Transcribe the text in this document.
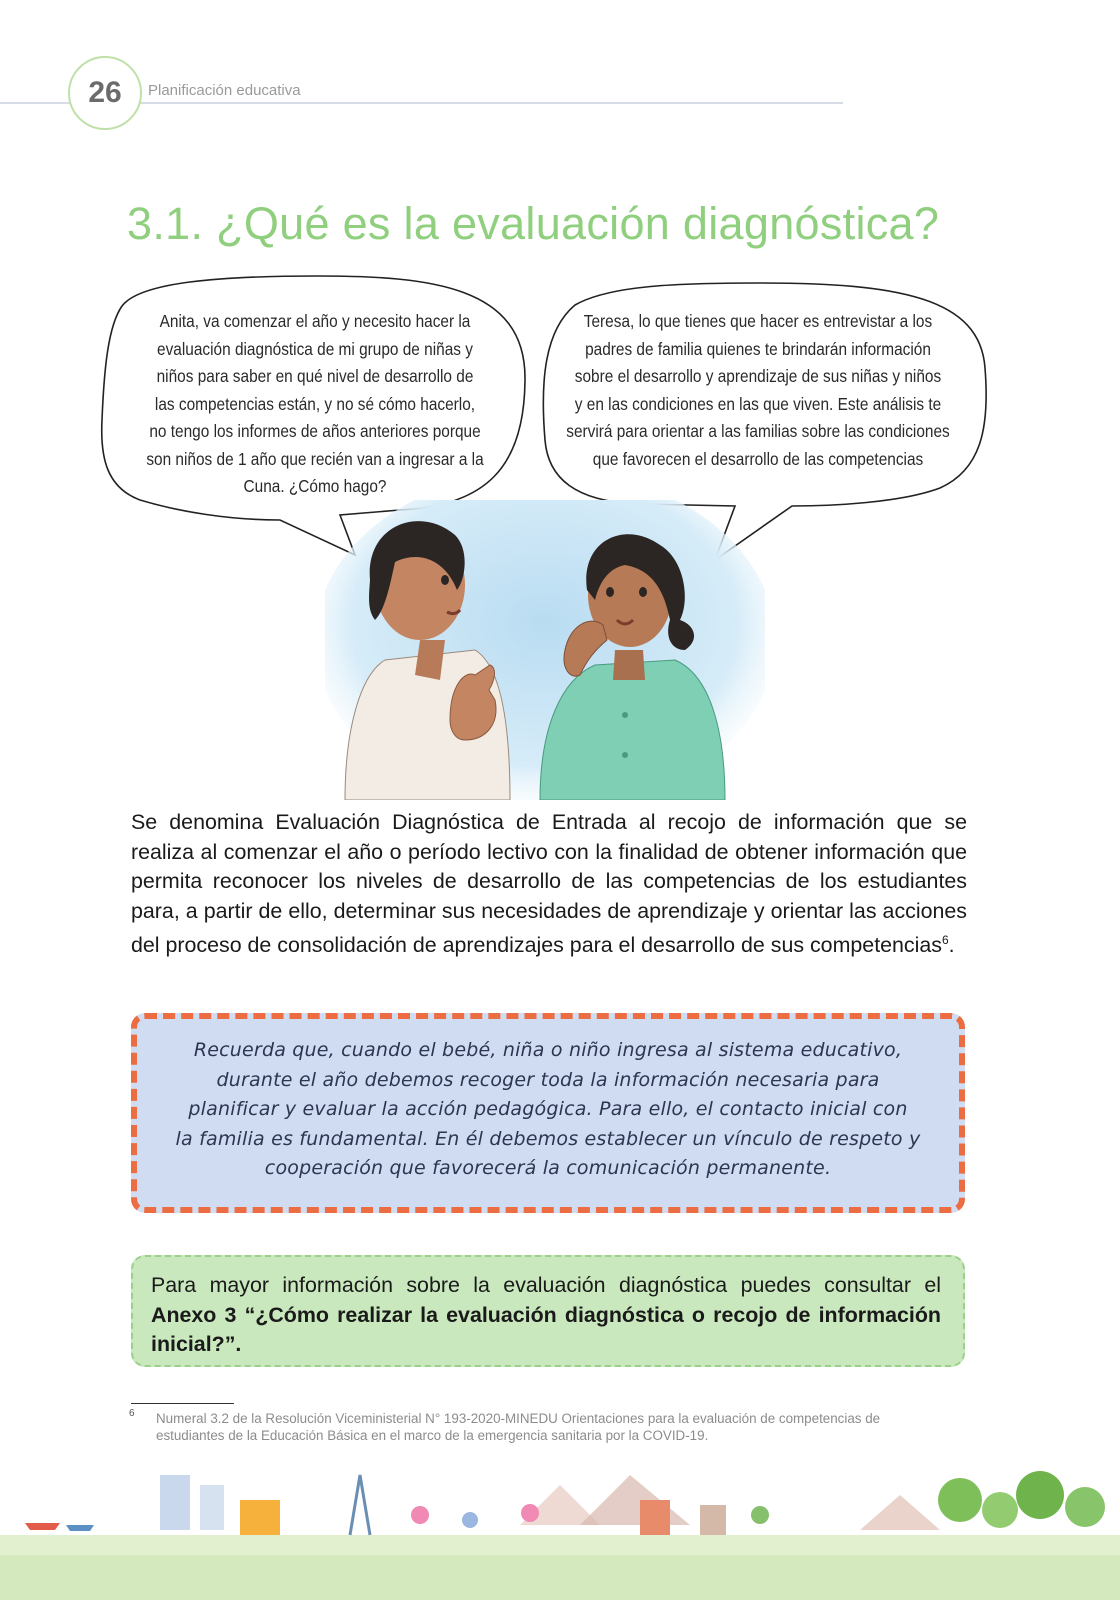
26	Planificación educativa
3.1. ¿Qué es la evaluación diagnóstica?
Anita, va comenzar el año y necesito hacer la
evaluación diagnóstica de mi grupo de niñas y
niños para saber en qué nivel de desarrollo de
las competencias están, y no sé cómo hacerlo,
no tengo los informes de años anteriores porque
son niños de 1 año que recién van a ingresar a la
Cuna. ¿Cómo hago?
Teresa, lo que tienes que hacer es entrevistar a los
padres de familia quienes te brindarán información
sobre el desarrollo y aprendizaje de sus niñas y niños
y en las condiciones en las que viven. Este análisis te
servirá para orientar a las familias sobre las condiciones
que favorecen el desarrollo de las competencias

Se denomina Evaluación Diagnóstica de Entrada al recojo de información que se realiza al comenzar el año o período lectivo con la finalidad de obtener información que permita reconocer los niveles de desarrollo de las competencias de los estudiantes para, a partir de ello, determinar sus necesidades de aprendizaje y orientar las acciones del proceso de consolidación de aprendizajes para el desarrollo de sus competencias$^6$.

Recuerda que, cuando el bebé, niña o niño ingresa al sistema educativo,
durante el año debemos recoger toda la información necesaria para
planificar y evaluar la acción pedagógica. Para ello, el contacto inicial con
la familia es fundamental. En él debemos establecer un vínculo de respeto y
cooperación que favorecerá la comunicación permanente.

Para mayor información sobre la evaluación diagnóstica puedes consultar el Anexo 3 “¿Cómo realizar la evaluación diagnóstica o recojo de información inicial?”.

6 Numeral 3.2 de la Resolución Viceministerial N° 193-2020-MINEDU Orientaciones para la evaluación de competencias de estudiantes de la Educación Básica en el marco de la emergencia sanitaria por la COVID-19.
